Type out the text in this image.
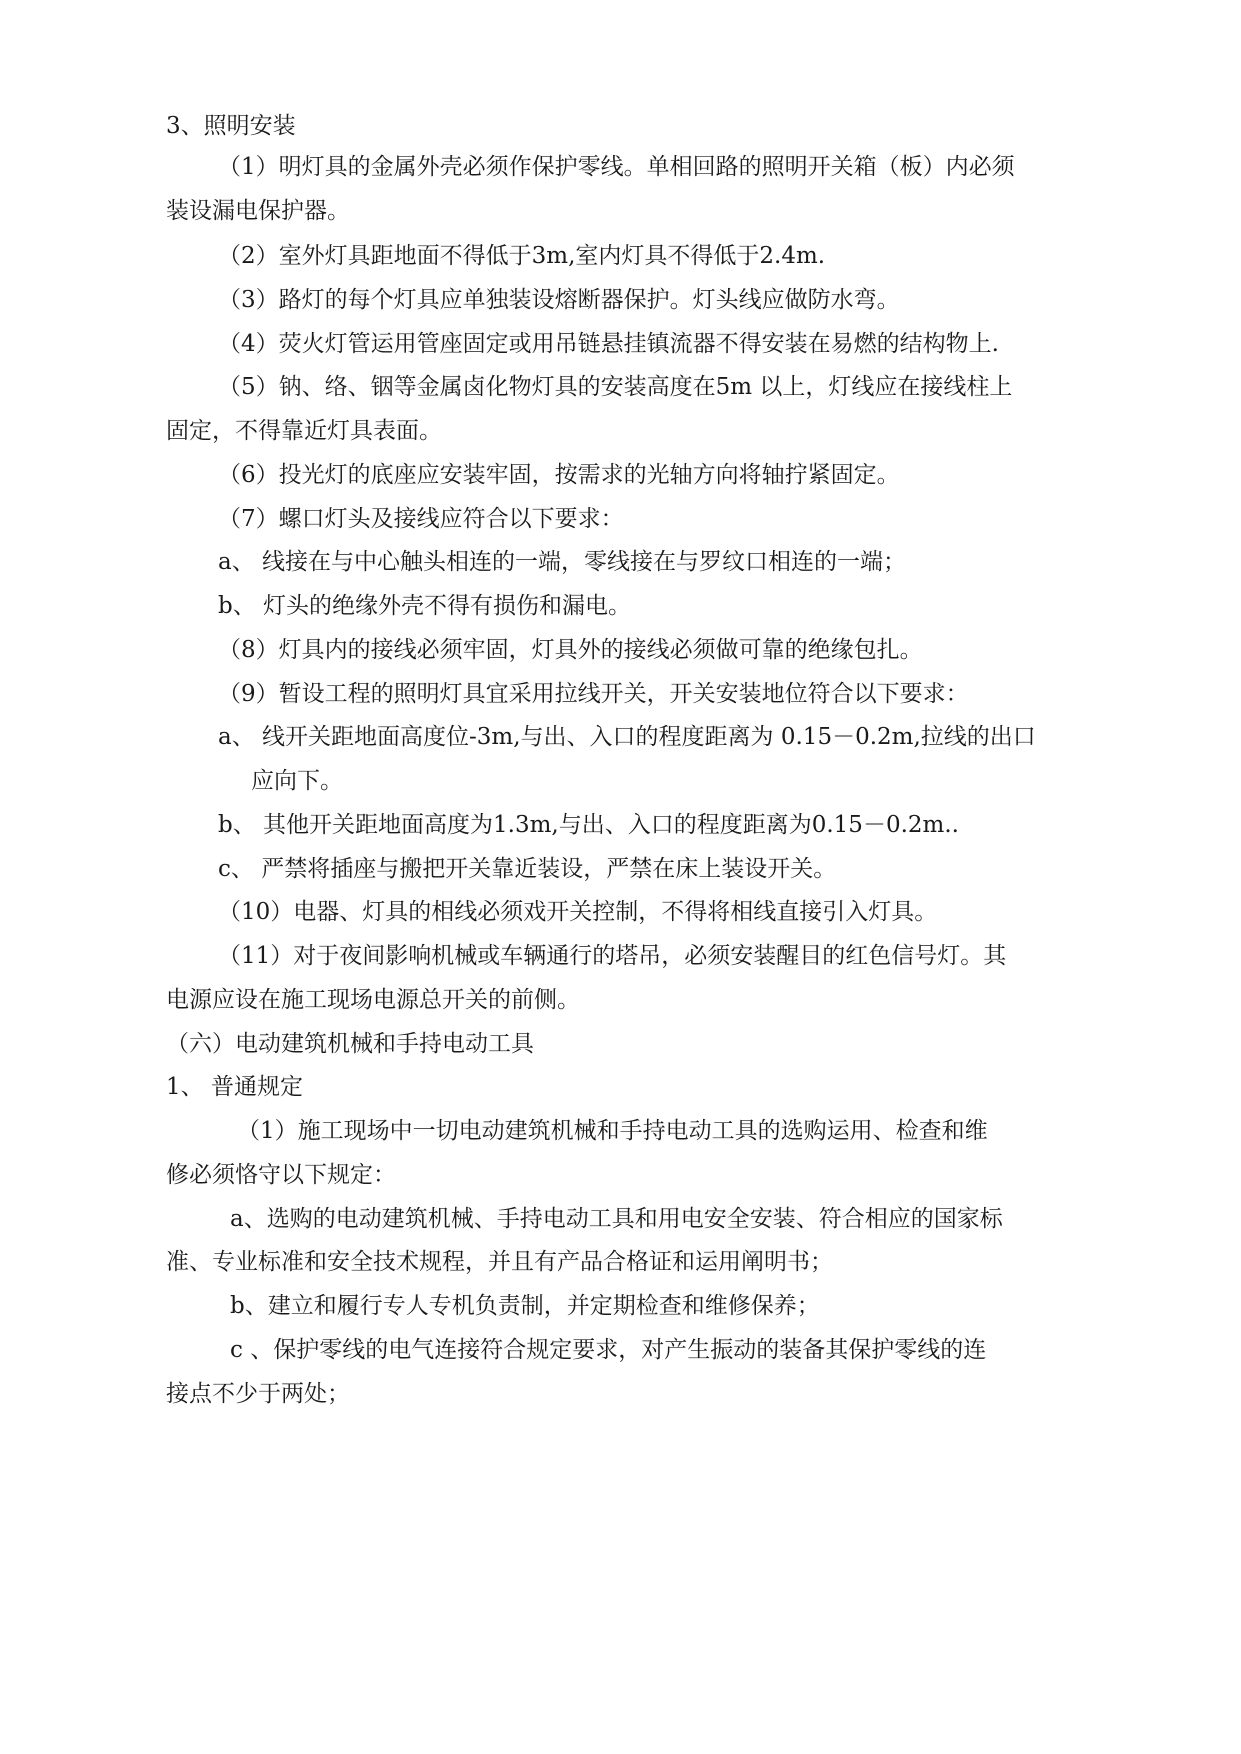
3、照明安装
（1）明灯具的金属外壳必须作保护零线。单相回路的照明开关箱（板）内必须
装设漏电保护器。
（2）室外灯具距地面不得低于3m,室内灯具不得低于2.4m.
（3）路灯的每个灯具应单独装设熔断器保护。灯头线应做防水弯。
（4）荧火灯管运用管座固定或用吊链悬挂镇流器不得安装在易燃的结构物上.
（5）钠、络、铟等金属卤化物灯具的安装高度在5m 以上，灯线应在接线柱上
固定，不得靠近灯具表面。
（6）投光灯的底座应安装牢固，按需求的光轴方向将轴拧紧固定。
（7）螺口灯头及接线应符合以下要求：
a、 线接在与中心触头相连的一端，零线接在与罗纹口相连的一端；
b、 灯头的绝缘外壳不得有损伤和漏电。
（8）灯具内的接线必须牢固，灯具外的接线必须做可靠的绝缘包扎。
（9）暂设工程的照明灯具宜采用拉线开关，开关安装地位符合以下要求：
a、 线开关距地面高度位-3m,与出、入口的程度距离为 0.15－0.2m,拉线的出口
应向下。
b、 其他开关距地面高度为1.3m,与出、入口的程度距离为0.15－0.2m..
c、 严禁将插座与搬把开关靠近装设，严禁在床上装设开关。
（10）电器、灯具的相线必须戏开关控制，不得将相线直接引入灯具。
（11）对于夜间影响机械或车辆通行的塔吊，必须安装醒目的红色信号灯。其
电源应设在施工现场电源总开关的前侧。
（六）电动建筑机械和手持电动工具
1、 普通规定
（1）施工现场中一切电动建筑机械和手持电动工具的选购运用、检查和维
修必须恪守以下规定：
a、选购的电动建筑机械、手持电动工具和用电安全安装、符合相应的国家标
准、专业标准和安全技术规程，并且有产品合格证和运用阐明书；
b、建立和履行专人专机负责制，并定期检查和维修保养；
c 、保护零线的电气连接符合规定要求，对产生振动的装备其保护零线的连
接点不少于两处；
